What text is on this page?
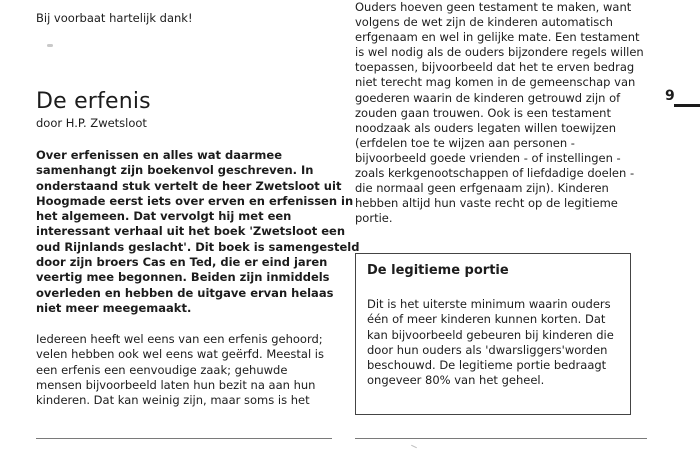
Bij voorbaat hartelijk dank!
De erfenis
door H.P. Zwetsloot

Over erfenissen en alles wat daarmee
samenhangt zijn boekenvol geschreven. In
onderstaand stuk vertelt de heer Zwetsloot uit
Hoogmade eerst iets over erven en erfenissen in
het algemeen. Dat vervolgt hij met een
interessant verhaal uit het boek 'Zwetsloot een
oud Rijnlands geslacht'. Dit boek is samengesteld
door zijn broers Cas en Ted, die er eind jaren
veertig mee begonnen. Beiden zijn inmiddels
overleden en hebben de uitgave ervan helaas
niet meer meegemaakt.

Iedereen heeft wel eens van een erfenis gehoord;
velen hebben ook wel eens wat geërfd. Meestal is
een erfenis een eenvoudige zaak; gehuwde
mensen bijvoorbeeld laten hun bezit na aan hun
kinderen. Dat kan weinig zijn, maar soms is het

Ouders hoeven geen testament te maken, want
volgens de wet zijn de kinderen automatisch
erfgenaam en wel in gelijke mate. Een testament
is wel nodig als de ouders bijzondere regels willen
toepassen, bijvoorbeeld dat het te erven bedrag
niet terecht mag komen in de gemeenschap van
goederen waarin de kinderen getrouwd zijn of
zouden gaan trouwen. Ook is een testament
noodzaak als ouders legaten willen toewijzen
(erfdelen toe te wijzen aan personen -
bijvoorbeeld goede vrienden - of instellingen -
zoals kerkgenootschappen of liefdadige doelen -
die normaal geen erfgenaam zijn). Kinderen
hebben altijd hun vaste recht op de legitieme
portie.

De legitieme portie

Dit is het uiterste minimum waarin ouders
één of meer kinderen kunnen korten. Dat
kan bijvoorbeeld gebeuren bij kinderen die
door hun ouders als 'dwarsliggers'worden
beschouwd. De legitieme portie bedraagt
ongeveer 80% van het geheel.

9
